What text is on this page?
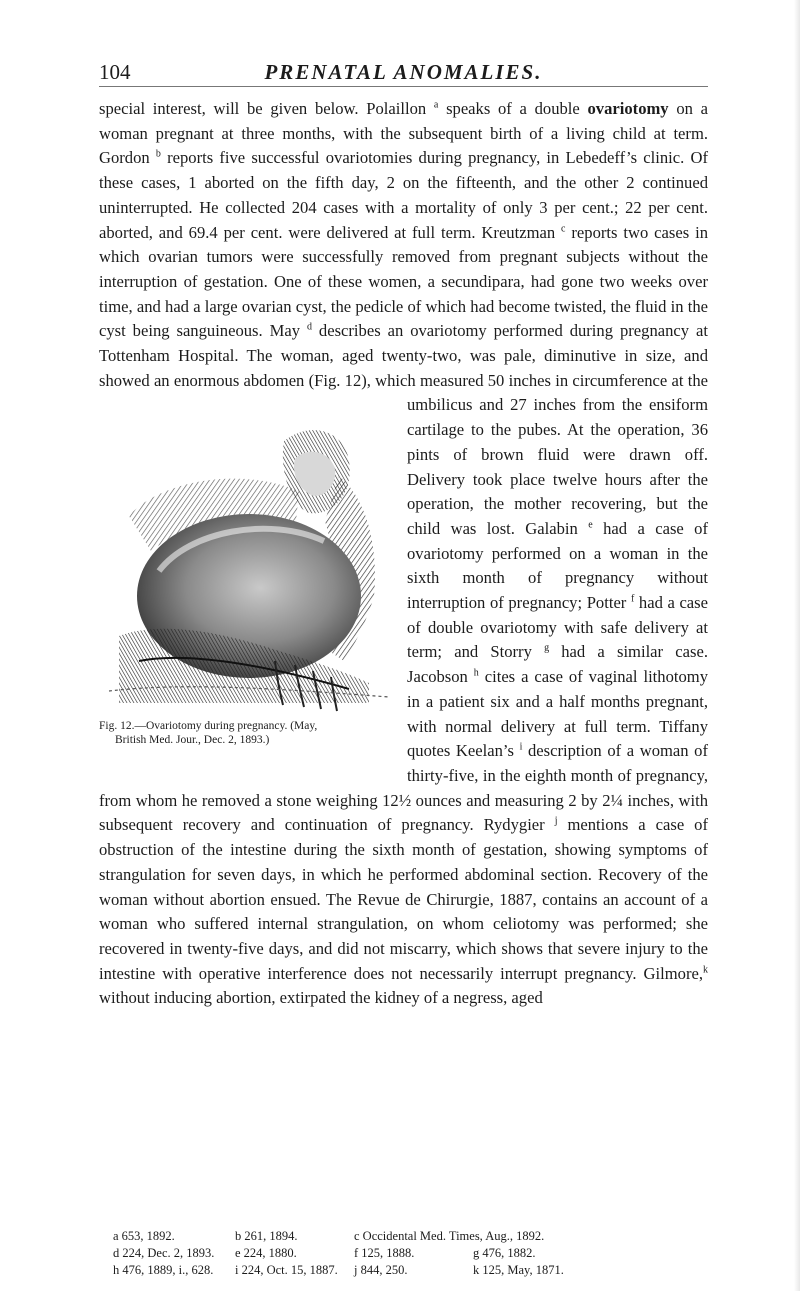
104	PRENATAL ANOMALIES.

special interest, will be given below. Polaillon $^a$ speaks of a double ovariotomy on a woman pregnant at three months, with the subsequent birth of a living child at term. Gordon $^b$ reports five successful ovariotomies during pregnancy, in Lebedeff’s clinic. Of these cases, 1 aborted on the fifth day, 2 on the fifteenth, and the other 2 continued uninterrupted. He collected 204 cases with a mortality of only 3 per cent.; 22 per cent. aborted, and 69.4 per cent. were delivered at full term. Kreutzman $^c$ reports two cases in which ovarian tumors were successfully removed from pregnant subjects without the interruption of gestation. One of these women, a secundipara, had gone two weeks over time, and had a large ovarian cyst, the pedicle of which had become twisted, the fluid in the cyst being sanguineous. May $^d$ describes an ovariotomy performed during pregnancy at Tottenham Hospital. The woman, aged twenty-two, was pale, diminutive in size, and showed an enormous abdomen (Fig. 12), which measured 50 inches in circumference at
Fig. 12.—Ovariotomy during pregnancy. (May,
British Med. Jour., Dec. 2, 1893.)
the umbilicus and 27 inches from the ensiform cartilage to the pubes. At the operation, 36 pints of brown fluid were drawn off. Delivery took place twelve hours after the operation, the mother recovering, but the child was lost. Galabin $^e$ had a case of ovariotomy performed on a woman in the sixth month of pregnancy without interruption of pregnancy; Potter $^f$ had a case of double ovariotomy with safe delivery at term; and Storry $^g$ had a similar case. Jacobson $^h$ cites a case of vaginal lithotomy in a patient six and a half months pregnant, with normal delivery at full term. Tiffany quotes Keelan’s $^i$ description of a woman of thirty-five, in the eighth month of pregnancy, from whom he removed a stone weighing 12½ ounces and measuring 2 by 2¼ inches, with subsequent recovery and continuation of pregnancy. Rydygier $^j$ mentions a case of obstruction of the intestine during the sixth month of gestation, showing symptoms of strangulation for seven days, in which he performed abdominal section. Recovery of the woman without abortion ensued. The Revue de Chirurgie, 1887, contains an account of a woman who suffered internal strangulation, on whom celiotomy was performed; she recovered in twenty-five days, and did not miscarry, which shows that severe injury to the intestine with operative interference does not necessarily interrupt pregnancy. Gilmore,$^k$ without inducing abortion, extirpated the kidney of a negress, aged

a 653, 1892.	b 261, 1894.	c Occidental Med. Times, Aug., 1892.
d 224, Dec. 2, 1893.	e 224, 1880.	f 125, 1888.	g 476, 1882.
h 476, 1889, i., 628.	i 224, Oct. 15, 1887.	j 844, 250.	k 125, May, 1871.
